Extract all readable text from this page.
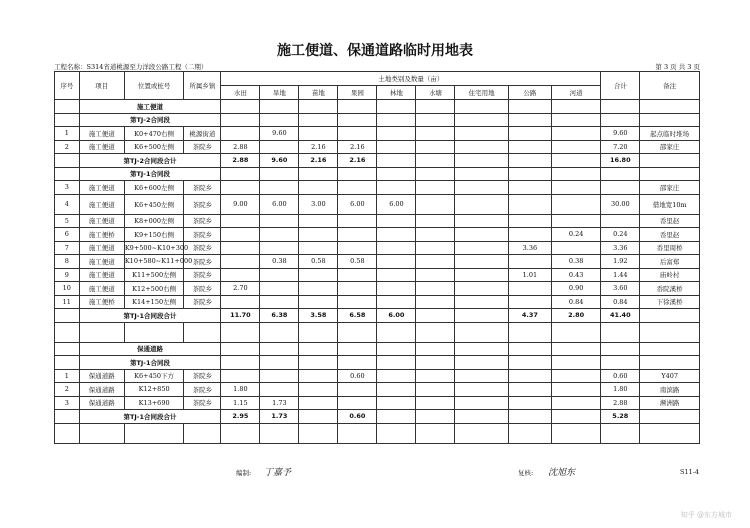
施工便道、保通道路临时用地表
工程名称：S314省道桃源至力洋段公路工程（二期）	第 3 页 共 3 页
序号	项目	位置或桩号	所属乡镇	土地类别及数量（亩）									合计	备注
				水田	旱地	苗地	果园	林地	水塘	住宅用地	公路	河道		
	施工便道													
	第TJ-2合同段													
1	施工便道	K0+470右侧	桃源街道		9.60								9.60	起点临时堆场
2	施工便道	K6+500左侧	茶院乡	2.88		2.16	2.16						7.20	邵家庄
	第TJ-2合同段合计			2.88	9.60	2.16	2.16						16.80	
	第TJ-1合同段													
3	施工便道	K6+600左侧	茶院乡											邵家庄
4	施工便道	K6+450左侧	茶院乡	9.00	6.00	3.00	6.00	6.00					30.00	借地宽10m
5	施工便道	K8+000左侧	茶院乡											岙里赵
6	施工便桥	K9+150右侧	茶院乡									0.24	0.24	岙里赵
7	施工便道	K9+500~K10+300	茶院乡								3.36		3.36	岙里周桥
8	施工便道	K10+580~K11+000	茶院乡		0.38	0.58	0.58					0.38	1.92	后富郑
9	施工便道	K11+500左侧	茶院乡								1.01	0.43	1.44	庙岭村
10	施工便道	K12+500右侧	茶院乡	2.70								0.90	3.60	岙院溪桥
11	施工便桥	K14+150左侧	茶院乡									0.84	0.84	下徐溪桥
	第TJ-1合同段合计			11.70	6.38	3.58	6.58	6.00			4.37	2.80	41.40	

	保通道路													
	第TJ-1合同段													
1	保通道路	K6+450下方	茶院乡				0.60						0.60	Y407
2	保通道路	K12+850	茶院乡	1.80									1.80	南滨路
3	保通道路	K13+690	茶院乡	1.15	1.73								2.88	濒洲路
	第TJ-1合同段合计			2.95	1.73		0.60						5.28	

编制: 丁嘉予	复核: 沈旭东	S11-4
知乎 @东方城市
